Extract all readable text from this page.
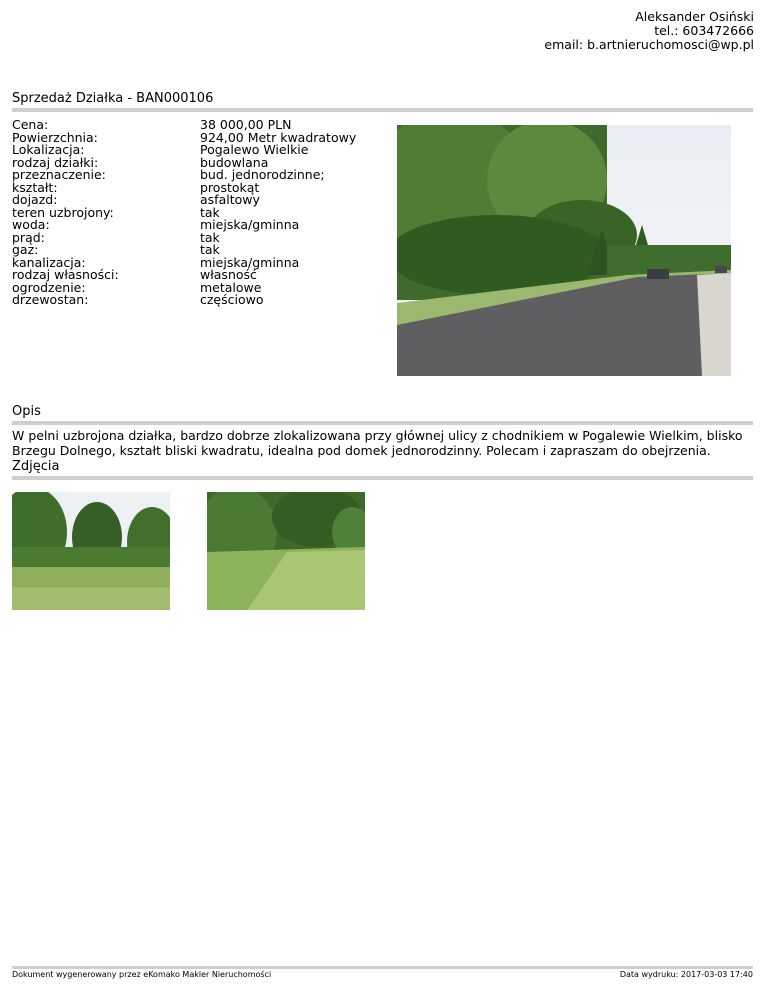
Aleksander Osiński
tel.: 603472666
email: b.artnieruchomosci@wp.pl
Sprzedaż Działka - BAN000106
Cena:	38 000,00 PLN
Powierzchnia:	924,00 Metr kwadratowy
Lokalizacja:	Pogalewo Wielkie
rodzaj działki:	budowlana
przeznaczenie:	bud. jednorodzinne;
kształt:	prostokąt
dojazd:	asfaltowy
teren uzbrojony:	tak
woda:	miejska/gminna
prąd:	tak
gaz:	tak
kanalizacja:	miejska/gminna
rodzaj własności:	własność
ogrodzenie:	metalowe
drzewostan:	częściowo
Opis
W pelni uzbrojona działka, bardzo dobrze zlokalizowana przy głównej ulicy z chodnikiem w Pogalewie Wielkim, blisko Brzegu Dolnego, kształt bliski kwadratu, idealna pod domek jednorodzinny. Polecam i zapraszam do obejrzenia.
Zdjęcia
Dokument wygenerowany przez eKomako Makler Nieruchomości	Data wydruku: 2017-03-03 17:40
